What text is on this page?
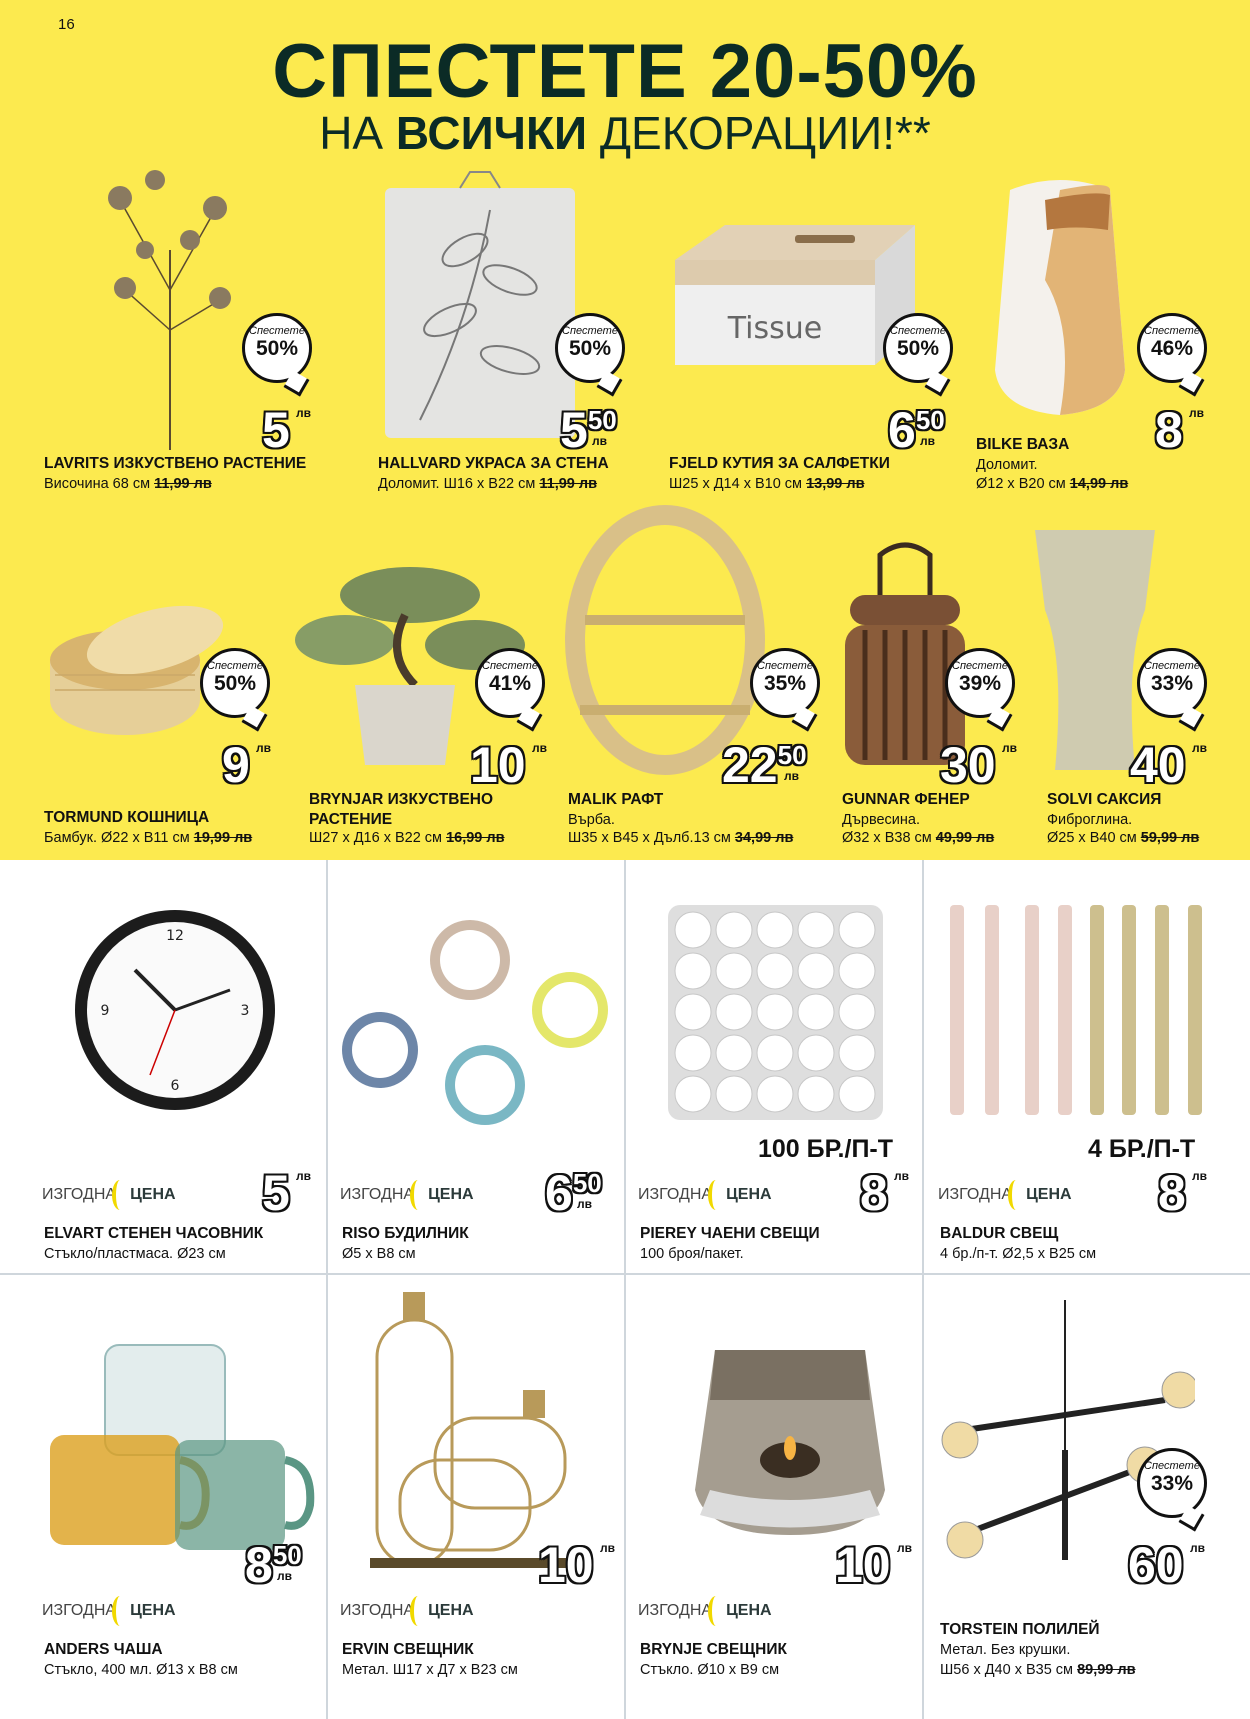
16
СПЕСТЕТЕ 20-50%
НА ВСИЧКИ ДЕКОРАЦИИ!**
Спестете
50%
5 лв
LAVRITS ИЗКУСТВЕНО РАСТЕНИЕ
Височина 68 см 11,99 лв
Спестете
50%
550
лв
HALLVARD УКРАСА ЗА СТЕНА
Доломит. Ш16 x В22 см 11,99 лв
Tissue	Спестете
50%
650
лв
FJELD КУТИЯ ЗА САЛФЕТКИ
Ш25 x Д14 x В10 см 13,99 лв
Спестете
46%
8 лв
BILKE ВАЗА
Доломит.
Ø12 x В20 см 14,99 лв
Спестете
50%
9 лв
TORMUND КОШНИЦА
Бамбук. Ø22 x В11 см 19,99 лв
Спестете
41%
10 лв
BRYNJAR ИЗКУСТВЕНО
РАСТЕНИЕ
Ш27 x Д16 x В22 см 16,99 лв
Спестете
35%
2250
лв
MALIK РАФТ
Върба.
Ш35 x В45 x Дълб.13 см 34,99 лв
Спестете
39%
30 лв
GUNNAR ФЕНЕР
Дървесина.
Ø32 x В38 см 49,99 лв
Спестете
33%
40 лв
SOLVI САКСИЯ
Фиброглина.
Ø25 x В40 см 59,99 лв
12
3
6
9
ИЗГОДНА ЦЕНА 5 лв
ELVART СТЕНЕН ЧАСОВНИК
Стъкло/пластмаса. Ø23 см
ИЗГОДНА ЦЕНА 650
лв
RISO БУДИЛНИК
Ø5 x В8 см
100 БР./П-Т
ИЗГОДНА ЦЕНА 8 лв
PIEREY ЧАЕНИ СВЕЩИ
100 броя/пакет.
4 БР./П-Т
ИЗГОДНА ЦЕНА 8 лв
BALDUR СВЕЩ
4 бр./п-т. Ø2,5 x В25 см
850
лв
ИЗГОДНА ЦЕНА
ANDERS ЧАША
Стъкло, 400 мл. Ø13 x В8 см
10 лв
ИЗГОДНА ЦЕНА
ERVIN СВЕЩНИК
Метал. Ш17 x Д7 x В23 см
10 лв
ИЗГОДНА ЦЕНА
BRYNJE СВЕЩНИК
Стъкло. Ø10 x В9 см
Спестете
33%
60 лв
TORSTEIN ПОЛИЛЕЙ
Метал. Без крушки.
Ш56 x Д40 x В35 см 89,99 лв
